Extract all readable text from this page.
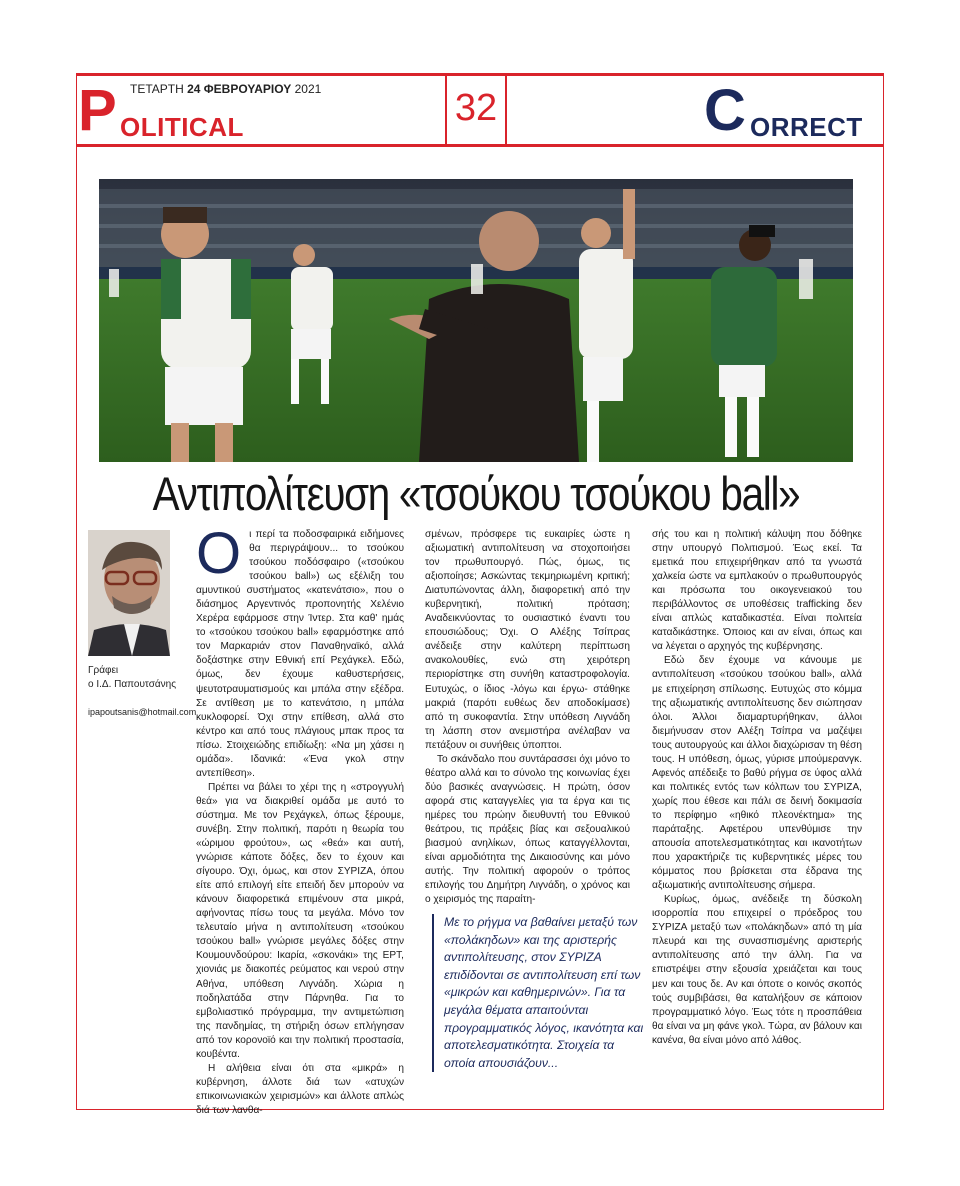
ΤΕΤΑΡΤΗ 24 ΦΕΒΡΟΥΑΡΙΟΥ 2021
P OLITICAL	32	C ORRECT
Αντιπολίτευση «τσούκου τσούκου ball»
Γράφει
ο Ι.Δ. Παπουτσάνης
ipapoutsanis@hotmail.com
Ο ι περί τα ποδοσφαιρικά ειδήμονες θα περιγράψουν... το τσούκου τσούκου ποδόσφαιρο («τσούκου τσούκου ball») ως εξέλιξη του αμυντικού συστήματος «κατενάτσιο», που ο διάσημος Αργεντινός προπονητής Χελένιο Χερέρα εφάρμοσε στην Ίντερ. Στα καθ' ημάς το «τσούκου τσούκου ball» εφαρμόστηκε από τον Μαρκαριάν στον Παναθηναϊκό, αλλά δοξάστηκε στην Εθνική επί Ρεχάγκελ. Εδώ, όμως, δεν έχουμε καθυστερήσεις, ψευτοτραυματισμούς και μπάλα στην εξέδρα. Σε αντίθεση με το κατενάτσιο, η μπάλα κυκλοφορεί. Όχι στην επίθεση, αλλά στο κέντρο και από τους πλάγιους μπακ προς τα πίσω. Στοιχειώδης επιδίωξη: «Να μη χάσει η ομάδα». Ιδανικά: «Ένα γκολ στην αντεπίθεση».

Πρέπει να βάλει το χέρι της η «στρογγυλή θεά» για να διακριθεί ομάδα με αυτό το σύστημα. Με τον Ρεχάγκελ, όπως ξέρουμε, συνέβη. Στην πολιτική, παρότι η θεωρία του «ώριμου φρούτου», ως «θεά» και αυτή, γνώρισε κάποτε δόξες, δεν το έχουν και σίγουρο. Όχι, όμως, και στον ΣΥΡΙΖΑ, όπου είτε από επιλογή είτε επειδή δεν μπορούν να κάνουν διαφορετικά επιμένουν στα μικρά, αφήνοντας πίσω τους τα μεγάλα. Μόνο τον τελευταίο μήνα η αντιπολίτευση «τσούκου τσούκου ball» γνώρισε μεγάλες δόξες στην Κουμουνδούρου: Ικαρία, «σκονάκι» της ΕΡΤ, χιονιάς με διακοπές ρεύματος και νερού στην Αθήνα, υπόθεση Λιγνάδη. Χώρια η ποδηλατάδα στην Πάρνηθα. Για το εμβολιαστικό πρόγραμμα, την αντιμετώπιση της πανδημίας, τη στήριξη όσων επλήγησαν από τον κορονοϊό και την πολιτική προστασία, κουβέντα.

Η αλήθεια είναι ότι στα «μικρά» η κυβέρνηση, άλλοτε διά των «ατυχών επικοινωνιακών χειρισμών» και άλλοτε απλώς διά των λανθα-

σμένων, πρόσφερε τις ευκαιρίες ώστε η αξιωματική αντιπολίτευση να στοχοποιήσει τον πρωθυπουργό. Πώς, όμως, τις αξιοποίησε; Ασκώντας τεκμηριωμένη κριτική; Διατυπώνοντας άλλη, διαφορετική από την κυβερνητική, πολιτική πρόταση; Αναδεικνύοντας το ουσιαστικό έναντι του επουσιώδους; Όχι. Ο Αλέξης Τσίπρας ανέδειξε στην καλύτερη περίπτωση ανακολουθίες, ενώ στη χειρότερη περιορίστηκε στη συνήθη καταστροφολογία. Ευτυχώς, ο ίδιος -λόγω και έργω- στάθηκε μακριά (παρότι ευθέως δεν αποδοκίμασε) από τη συκοφαντία. Στην υπόθεση Λιγνάδη τη λάσπη στον ανεμιστήρα ανέλαβαν να πετάξουν οι συνήθεις ύποπτοι.

Το σκάνδαλο που συντάρασσει όχι μόνο το θέατρο αλλά και το σύνολο της κοινωνίας έχει δύο βασικές αναγνώσεις. Η πρώτη, όσον αφορά στις καταγγελίες για τα έργα και τις ημέρες του πρώην διευθυντή του Εθνικού θεάτρου, τις πράξεις βίας και σεξουαλικού βιασμού ανηλίκων, όπως καταγγέλλονται, είναι αρμοδιότητα της Δικαιοσύνης και μόνο αυτής. Την πολιτική αφορούν ο τρόπος επιλογής του Δημήτρη Λιγνάδη, ο χρόνος και ο χειρισμός της παραίτη-

Με το ρήγμα να βαθαίνει μεταξύ των «πολάκηδων» και της αριστερής αντιπολίτευσης, στον ΣΥΡΙΖΑ επιδίδονται σε αντιπολίτευση επί των «μικρών και καθημερινών». Για τα μεγάλα θέματα απαιτούνται προγραμματικός λόγος, ικανότητα και αποτελεσματικότητα. Στοιχεία τα οποία απουσιάζουν...

σής του και η πολιτική κάλυψη που δόθηκε στην υπουργό Πολιτισμού. Έως εκεί. Τα εμετικά που επιχειρήθηκαν από τα γνωστά χαλκεία ώστε να εμπλακούν ο πρωθυπουργός και πρόσωπα του οικογενειακού του περιβάλλοντος σε υποθέσεις trafficking δεν είναι απλώς καταδικαστέα. Είναι πολιτεία καταδικάστηκε. Όποιος και αν είναι, όπως και να λέγεται ο αρχηγός της κυβέρνησης.

Εδώ δεν έχουμε να κάνουμε με αντιπολίτευση «τσούκου τσούκου ball», αλλά με επιχείρηση σπίλωσης. Ευτυχώς στο κόμμα της αξιωματικής αντιπολίτευσης δεν σιώπησαν όλοι. Άλλοι διαμαρτυρήθηκαν, άλλοι διεμήνυσαν στον Αλέξη Τσίπρα να μαζέψει τους αυτουργούς και άλλοι διαχώρισαν τη θέση τους. Η υπόθεση, όμως, γύρισε μπούμερανγκ. Αφενός απέδειξε το βαθύ ρήγμα σε ύφος αλλά και πολιτικές εντός των κόλπων του ΣΥΡΙΖΑ, χωρίς που έθεσε και πάλι σε δεινή δοκιμασία το περίφημο «ηθικό πλεονέκτημα» της παράταξης. Αφετέρου υπενθύμισε την απουσία αποτελεσματικότητας και ικανοτήτων που χαρακτήριζε τις κυβερνητικές μέρες του κόμματος που βρίσκεται στα έδρανα της αξιωματικής αντιπολίτευσης σήμερα.

Κυρίως, όμως, ανέδειξε τη δύσκολη ισορροπία που επιχειρεί ο πρόεδρος του ΣΥΡΙΖΑ μεταξύ των «πολάκηδων» από τη μία πλευρά και της συνασπισμένης αριστερής αντιπολίτευσης από την άλλη. Για να επιστρέψει στην εξουσία χρειάζεται και τους μεν και τους δε. Αν και όποτε ο κοινός σκοπός τούς συμβιβάσει, θα καταλήξουν σε κάποιον προγραμματικό λόγο. Έως τότε η προσπάθεια θα είναι να μη φάνε γκολ. Τώρα, αν βάλουν και κανένα, θα είναι μόνο από λάθος.
